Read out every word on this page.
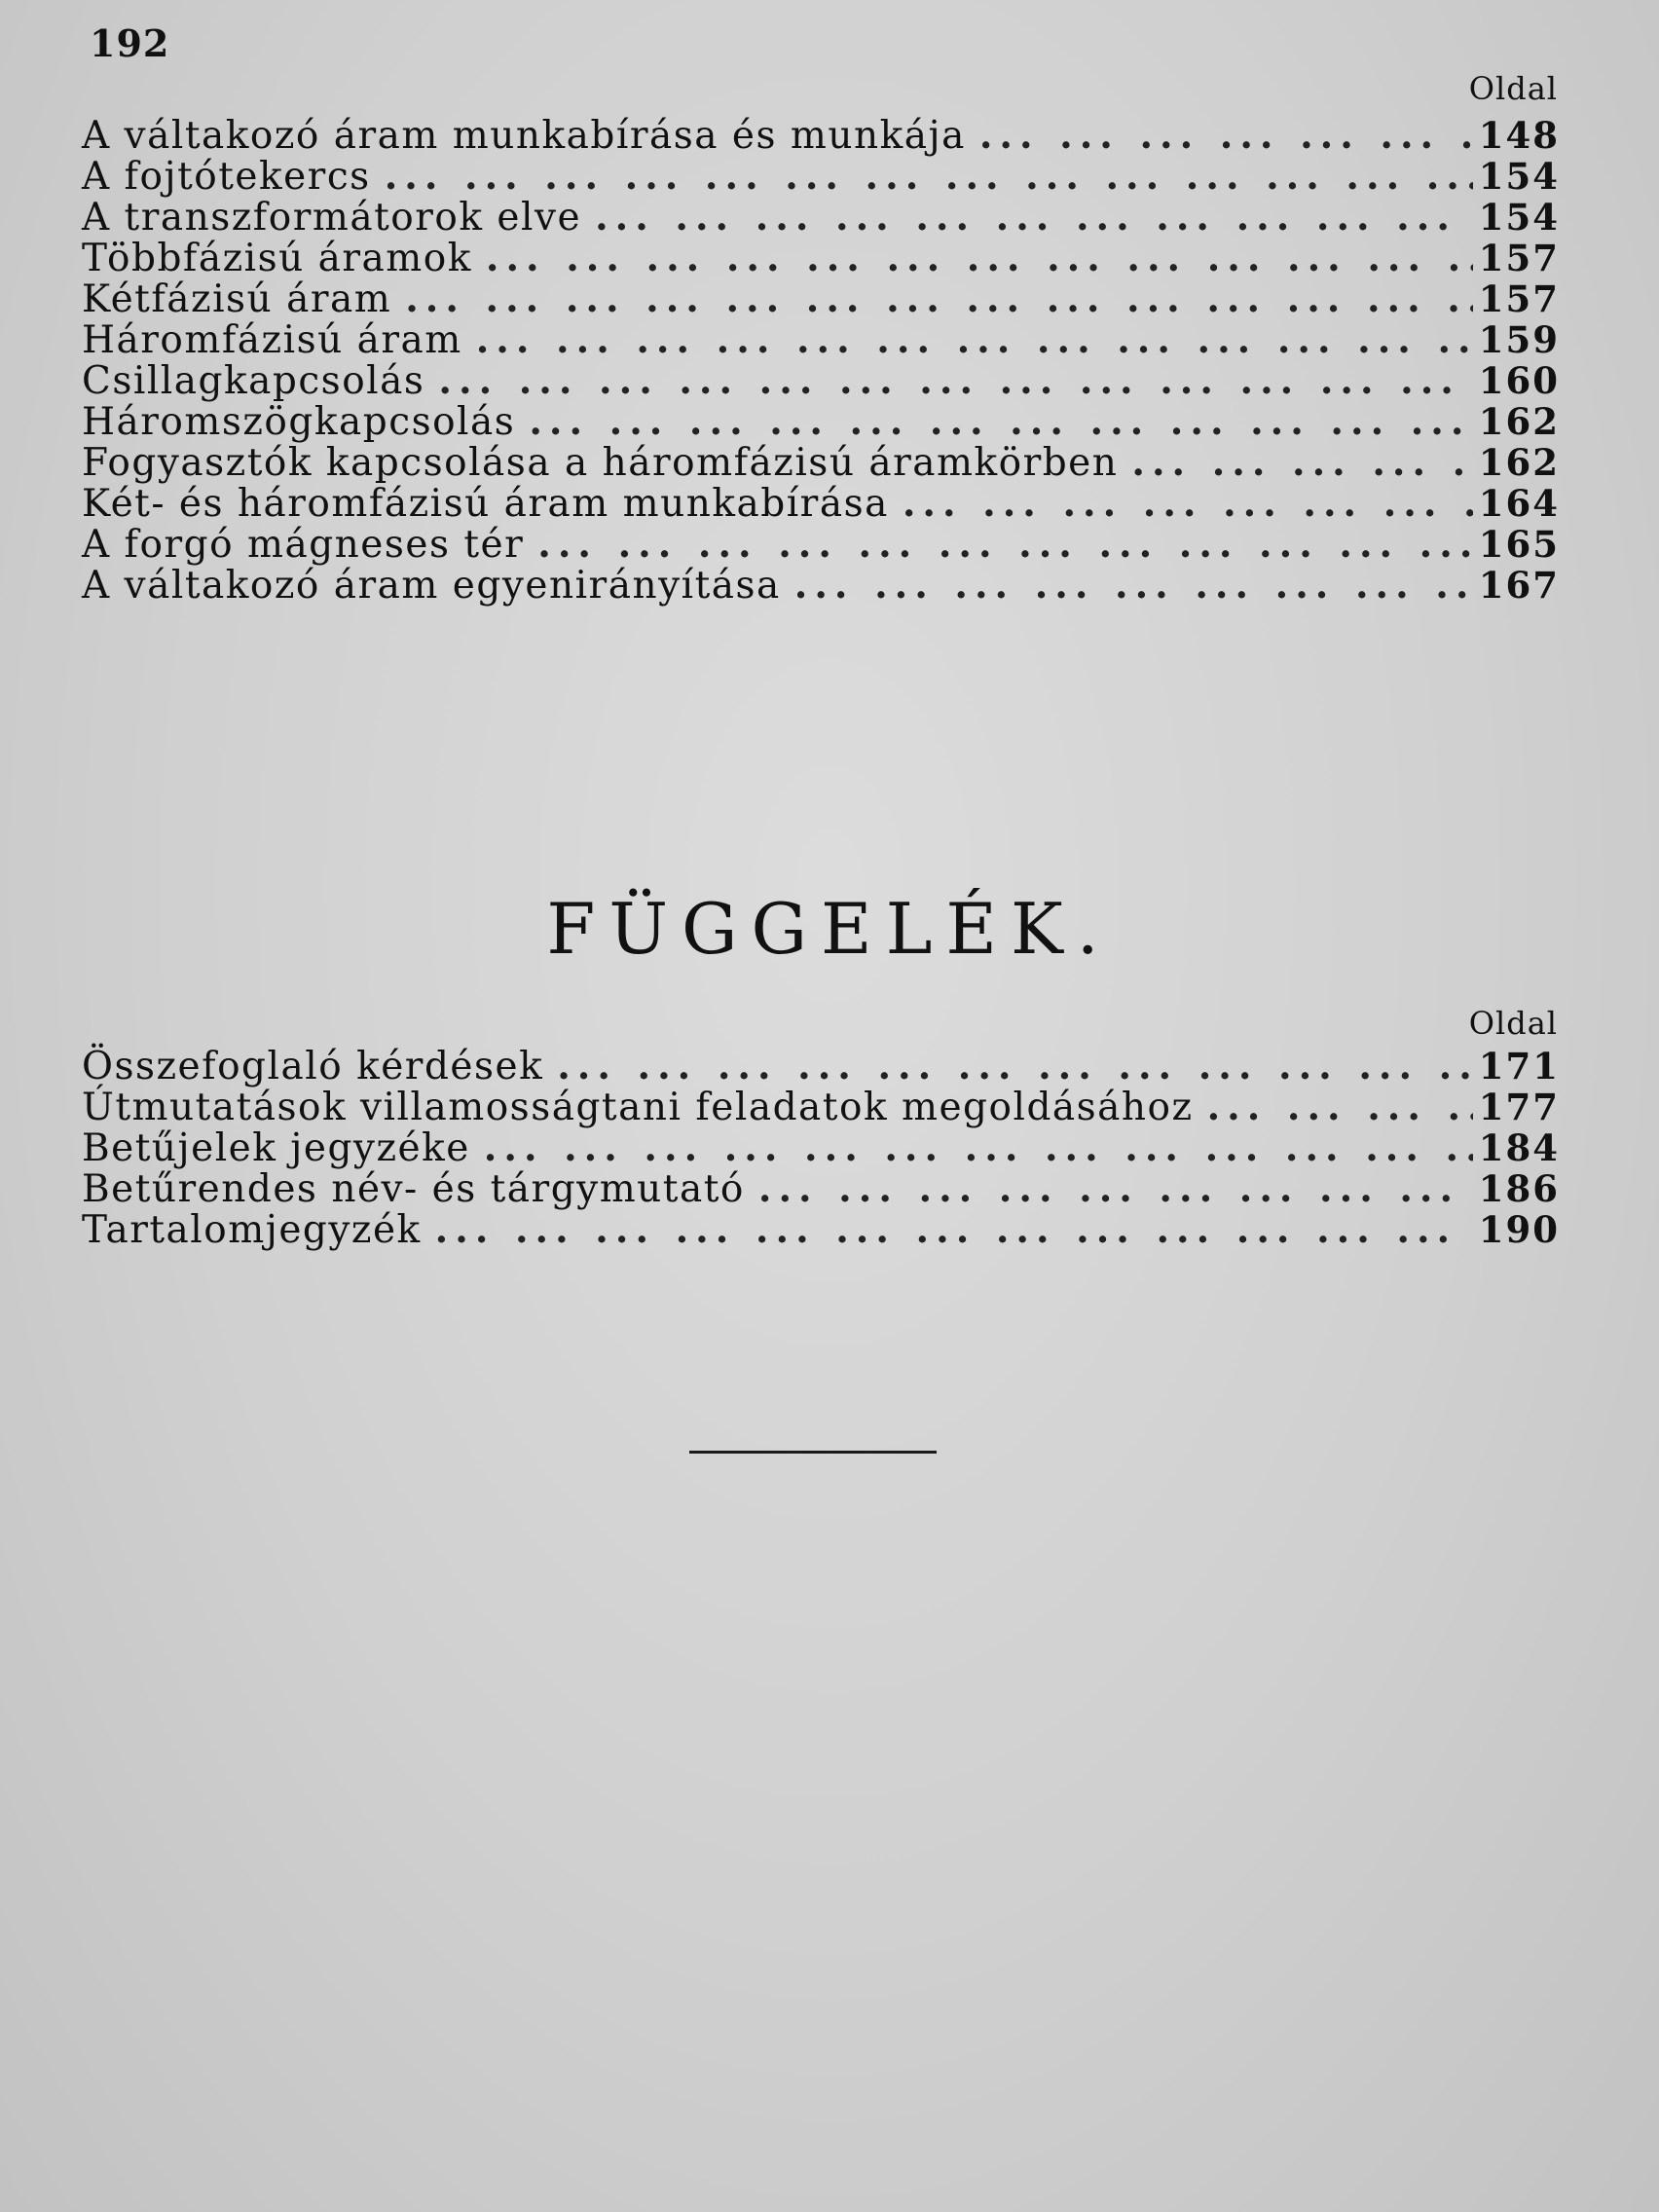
192
Oldal
A váltakozó áram munkabírása és munkája ... .	148
A fojtótekercs ... .	154
A transzformátorok elve ... .	154
Többfázisú áramok ... .	157
Kétfázisú áram ... .	157
Háromfázisú áram ... .	159
Csillagkapcsolás ... .	160
Háromszögkapcsolás ... .	162
Fogyasztók kapcsolása a háromfázisú áramkörben ... .	162
Két- és háromfázisú áram munkabírása ... .	164
A forgó mágneses tér ... .	165
A váltakozó áram egyenirányítása ... .	167
FÜGGELÉK.
Oldal
Összefoglaló kérdések ... .	171
Útmutatások villamosságtani feladatok megoldásához ... .	177
Betűjelek jegyzéke ... .	184
Betűrendes név- és tárgymutató ... .	186
Tartalomjegyzék ... .	190
